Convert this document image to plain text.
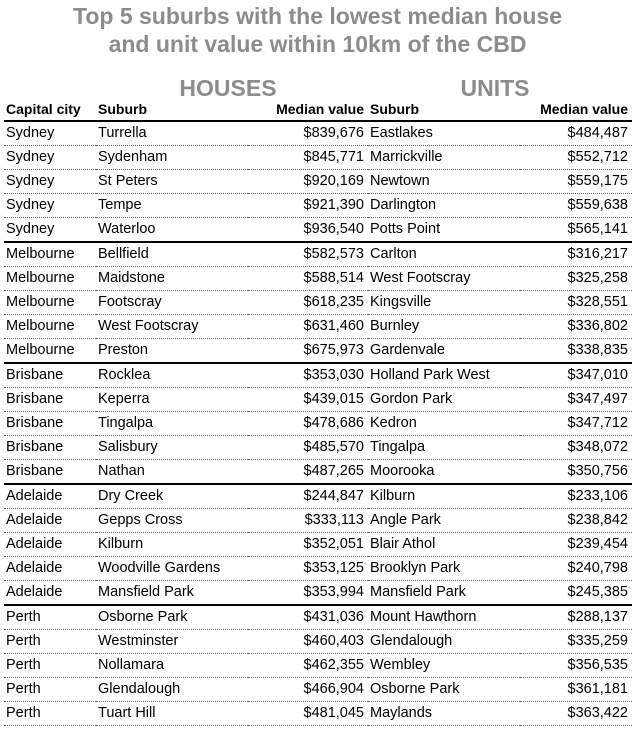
Top 5 suburbs with the lowest median house
and unit value within 10km of the CBD
HOUSES	UNITS
Capital city	Suburb	Median value	Suburb	Median value
Sydney	Turrella	$839,676	Eastlakes	$484,487
Sydney	Sydenham	$845,771	Marrickville	$552,712
Sydney	St Peters	$920,169	Newtown	$559,175
Sydney	Tempe	$921,390	Darlington	$559,638
Sydney	Waterloo	$936,540	Potts Point	$565,141
Melbourne	Bellfield	$582,573	Carlton	$316,217
Melbourne	Maidstone	$588,514	West Footscray	$325,258
Melbourne	Footscray	$618,235	Kingsville	$328,551
Melbourne	West Footscray	$631,460	Burnley	$336,802
Melbourne	Preston	$675,973	Gardenvale	$338,835
Brisbane	Rocklea	$353,030	Holland Park West	$347,010
Brisbane	Keperra	$439,015	Gordon Park	$347,497
Brisbane	Tingalpa	$478,686	Kedron	$347,712
Brisbane	Salisbury	$485,570	Tingalpa	$348,072
Brisbane	Nathan	$487,265	Moorooka	$350,756
Adelaide	Dry Creek	$244,847	Kilburn	$233,106
Adelaide	Gepps Cross	$333,113	Angle Park	$238,842
Adelaide	Kilburn	$352,051	Blair Athol	$239,454
Adelaide	Woodville Gardens	$353,125	Brooklyn Park	$240,798
Adelaide	Mansfield Park	$353,994	Mansfield Park	$245,385
Perth	Osborne Park	$431,036	Mount Hawthorn	$288,137
Perth	Westminster	$460,403	Glendalough	$335,259
Perth	Nollamara	$462,355	Wembley	$356,535
Perth	Glendalough	$466,904	Osborne Park	$361,181
Perth	Tuart Hill	$481,045	Maylands	$363,422
